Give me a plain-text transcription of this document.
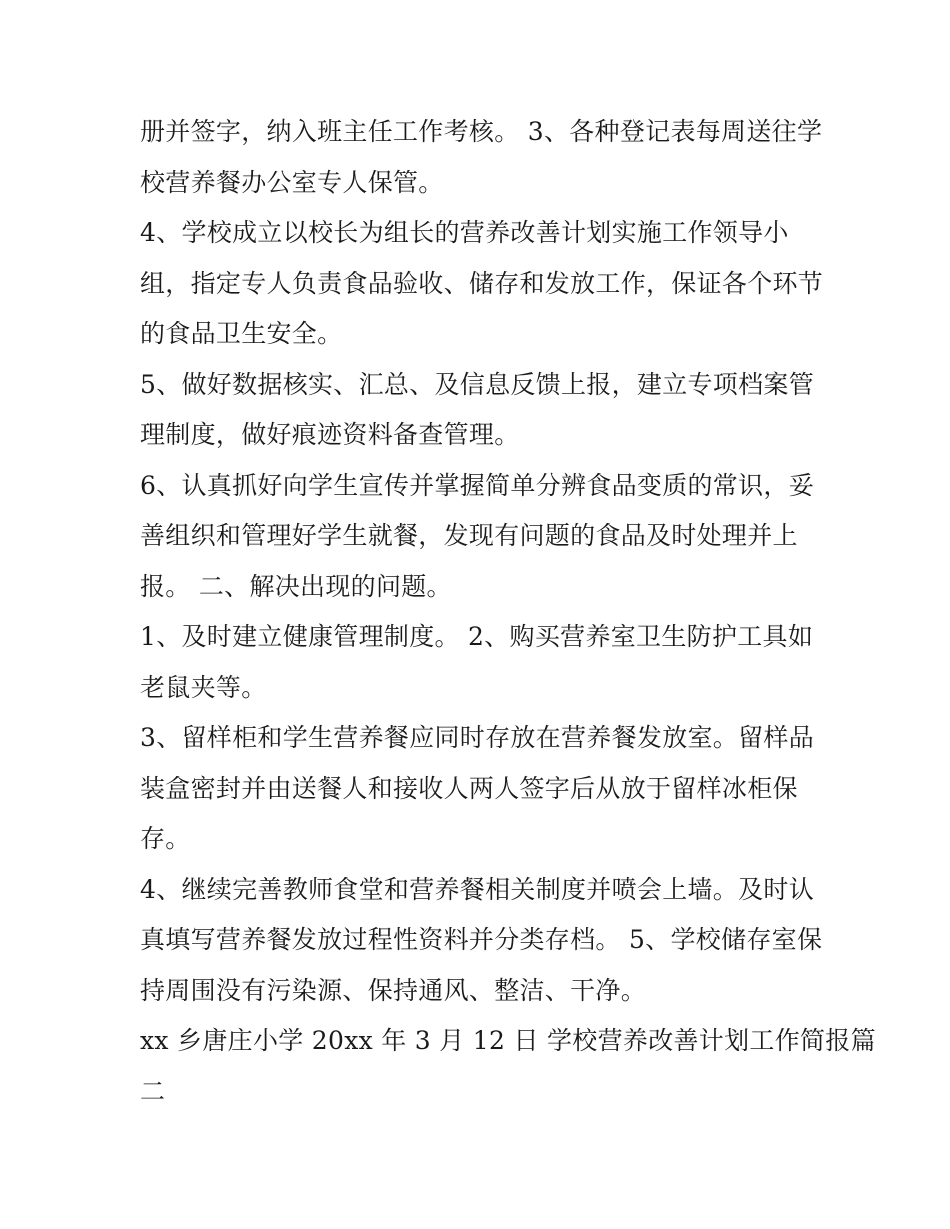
册并签字，纳入班主任工作考核。 3、各种登记表每周送往学
校营养餐办公室专人保管。
4、学校成立以校长为组长的营养改善计划实施工作领导小
组，指定专人负责食品验收、储存和发放工作，保证各个环节
的食品卫生安全。
5、做好数据核实、汇总、及信息反馈上报，建立专项档案管
理制度，做好痕迹资料备查管理。
6、认真抓好向学生宣传并掌握简单分辨食品变质的常识，妥
善组织和管理好学生就餐，发现有问题的食品及时处理并上
报。 二、解决出现的问题。
1、及时建立健康管理制度。 2、购买营养室卫生防护工具如
老鼠夹等。
3、留样柜和学生营养餐应同时存放在营养餐发放室。留样品
装盒密封并由送餐人和接收人两人签字后从放于留样冰柜保
存。
4、继续完善教师食堂和营养餐相关制度并喷会上墙。及时认
真填写营养餐发放过程性资料并分类存档。 5、学校储存室保
持周围没有污染源、保持通风、整洁、干净。
xx 乡唐庄小学 20xx 年 3 月 12 日 学校营养改善计划工作简报篇
二
